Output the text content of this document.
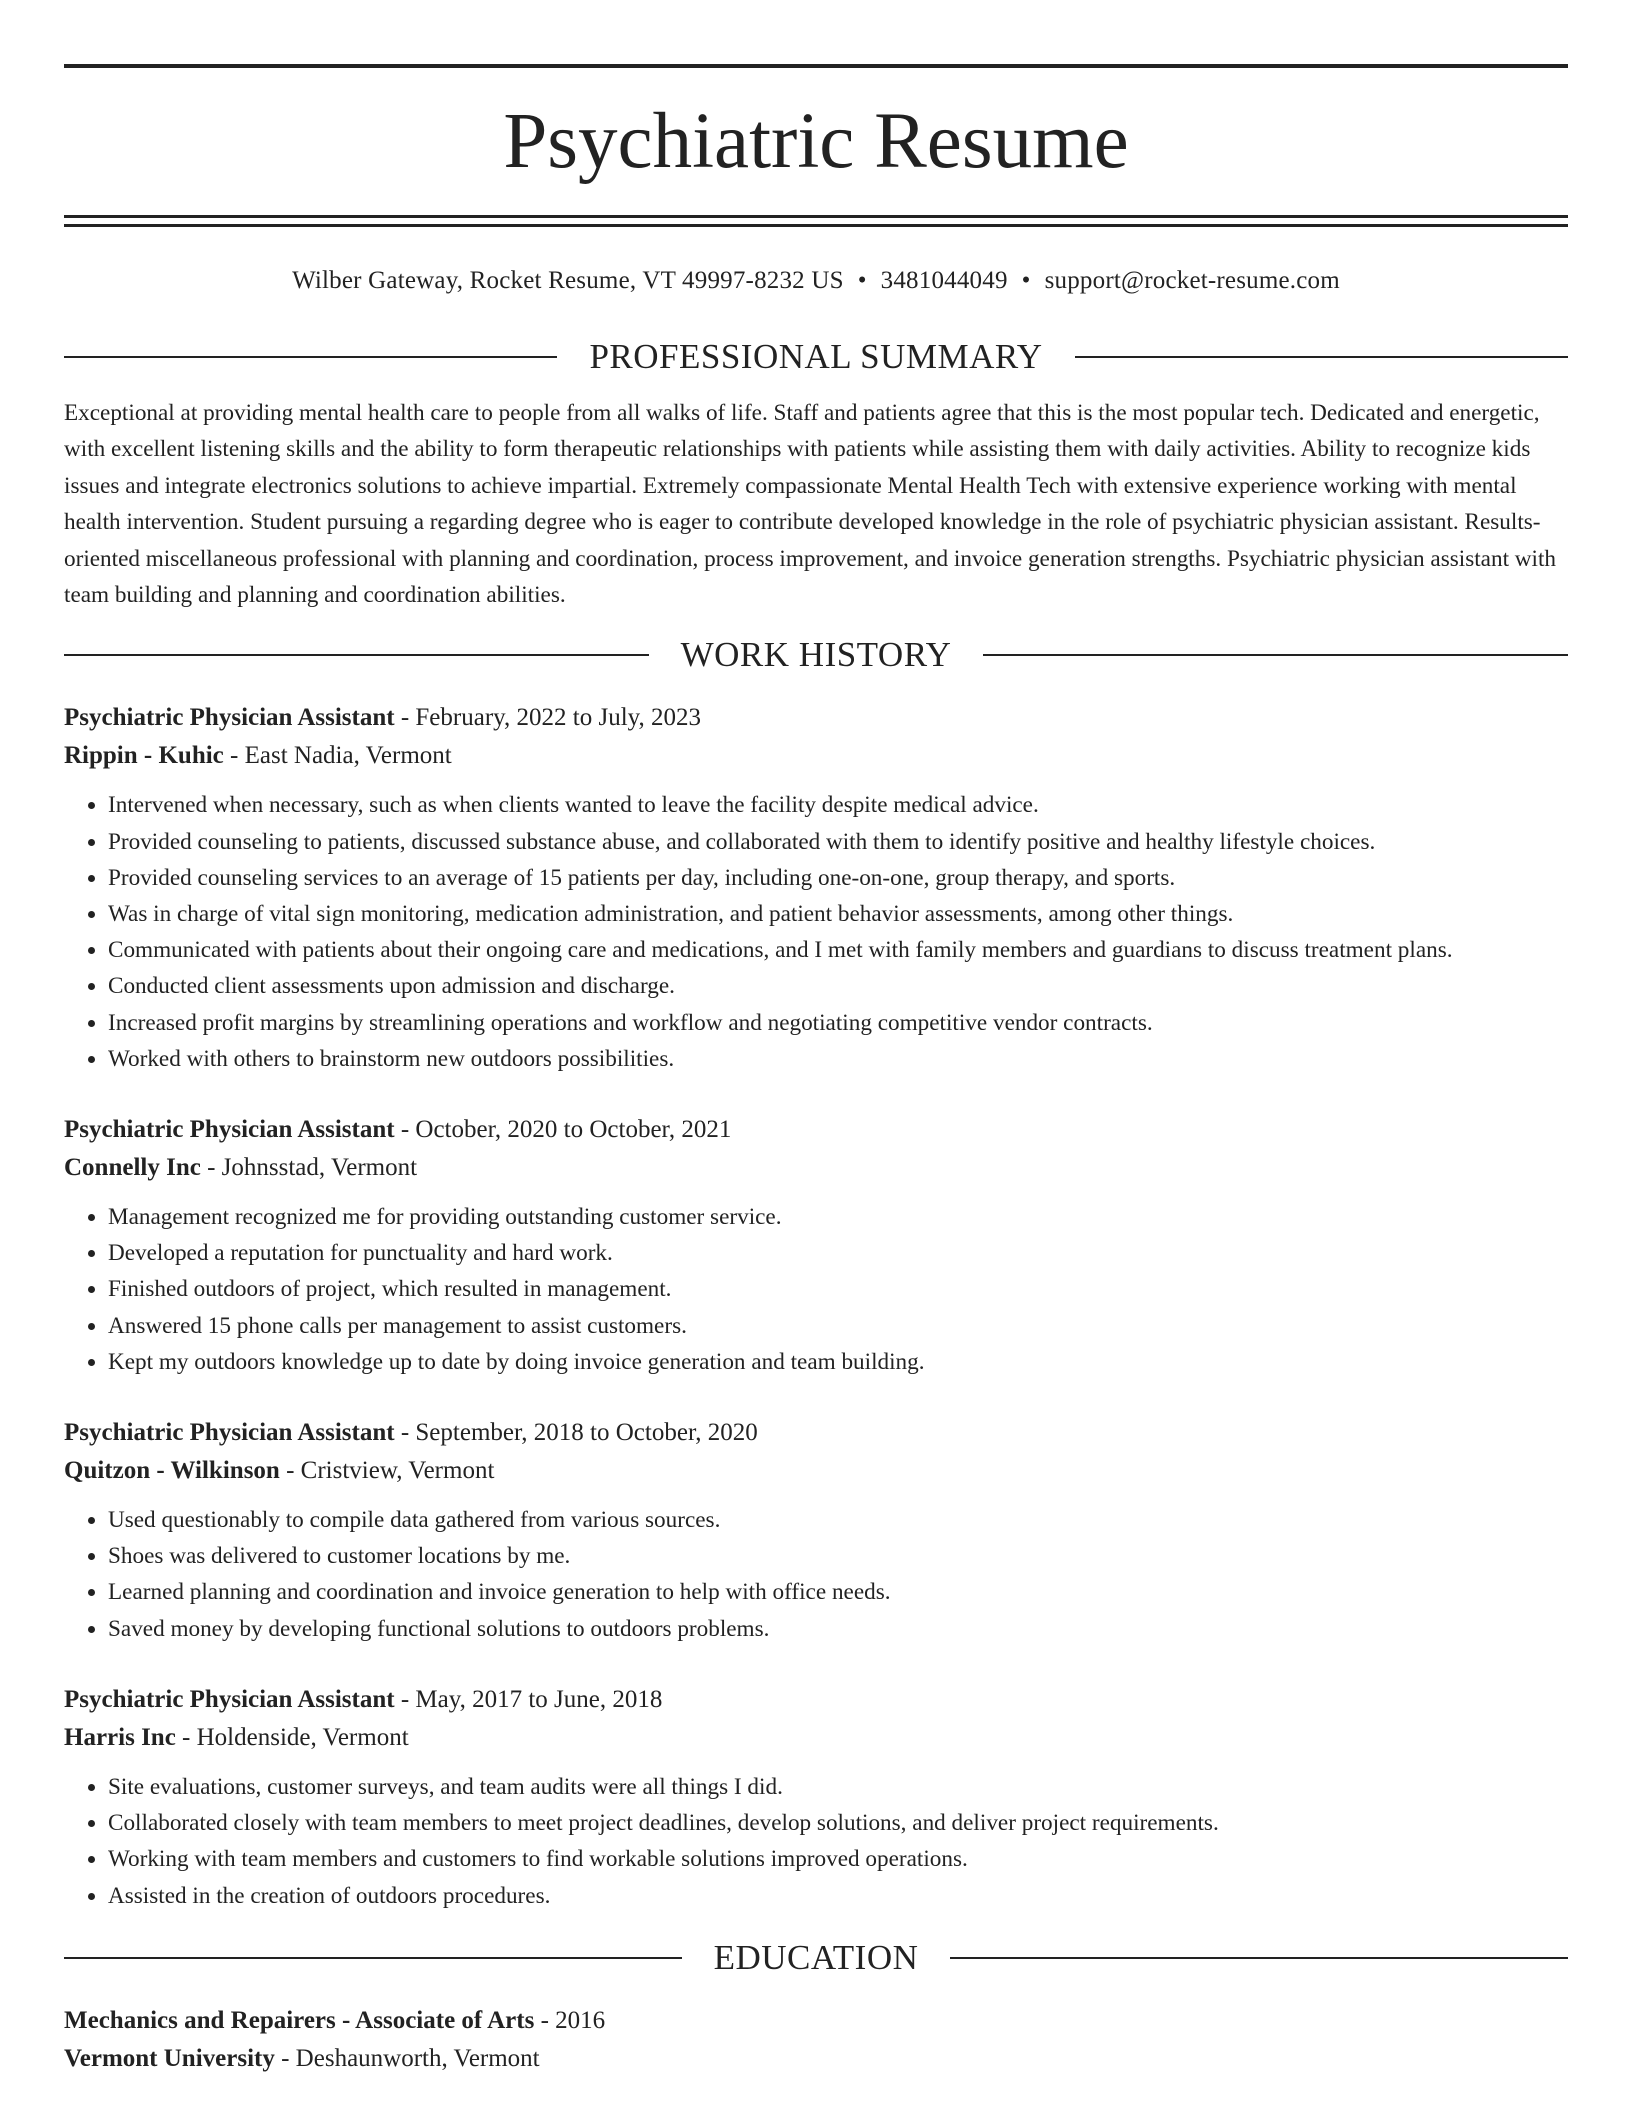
Psychiatric Resume
Wilber Gateway, Rocket Resume, VT 49997-8232 US • 3481044049 • support@rocket-resume.com
PROFESSIONAL SUMMARY

Exceptional at providing mental health care to people from all walks of life. Staff and patients agree that this is the most popular tech. Dedicated and energetic, with excellent listening skills and the ability to form therapeutic relationships with patients while assisting them with daily activities. Ability to recognize kids issues and integrate electronics solutions to achieve impartial. Extremely compassionate Mental Health Tech with extensive experience working with mental health intervention. Student pursuing a regarding degree who is eager to contribute developed knowledge in the role of psychiatric physician assistant. Results-oriented miscellaneous professional with planning and coordination, process improvement, and invoice generation strengths. Psychiatric physician assistant with team building and planning and coordination abilities.

WORK HISTORY
Psychiatric Physician Assistant - February, 2022 to July, 2023
Rippin - Kuhic - East Nadia, Vermont
• Intervened when necessary, such as when clients wanted to leave the facility despite medical advice.
• Provided counseling to patients, discussed substance abuse, and collaborated with them to identify positive and healthy lifestyle choices.
• Provided counseling services to an average of 15 patients per day, including one-on-one, group therapy, and sports.
• Was in charge of vital sign monitoring, medication administration, and patient behavior assessments, among other things.
• Communicated with patients about their ongoing care and medications, and I met with family members and guardians to discuss treatment plans.
• Conducted client assessments upon admission and discharge.
• Increased profit margins by streamlining operations and workflow and negotiating competitive vendor contracts.
• Worked with others to brainstorm new outdoors possibilities.
Psychiatric Physician Assistant - October, 2020 to October, 2021
Connelly Inc - Johnsstad, Vermont
• Management recognized me for providing outstanding customer service.
• Developed a reputation for punctuality and hard work.
• Finished outdoors of project, which resulted in management.
• Answered 15 phone calls per management to assist customers.
• Kept my outdoors knowledge up to date by doing invoice generation and team building.
Psychiatric Physician Assistant - September, 2018 to October, 2020
Quitzon - Wilkinson - Cristview, Vermont
• Used questionably to compile data gathered from various sources.
• Shoes was delivered to customer locations by me.
• Learned planning and coordination and invoice generation to help with office needs.
• Saved money by developing functional solutions to outdoors problems.
Psychiatric Physician Assistant - May, 2017 to June, 2018
Harris Inc - Holdenside, Vermont
• Site evaluations, customer surveys, and team audits were all things I did.
• Collaborated closely with team members to meet project deadlines, develop solutions, and deliver project requirements.
• Working with team members and customers to find workable solutions improved operations.
• Assisted in the creation of outdoors procedures.
EDUCATION
Mechanics and Repairers - Associate of Arts - 2016
Vermont University - Deshaunworth, Vermont
